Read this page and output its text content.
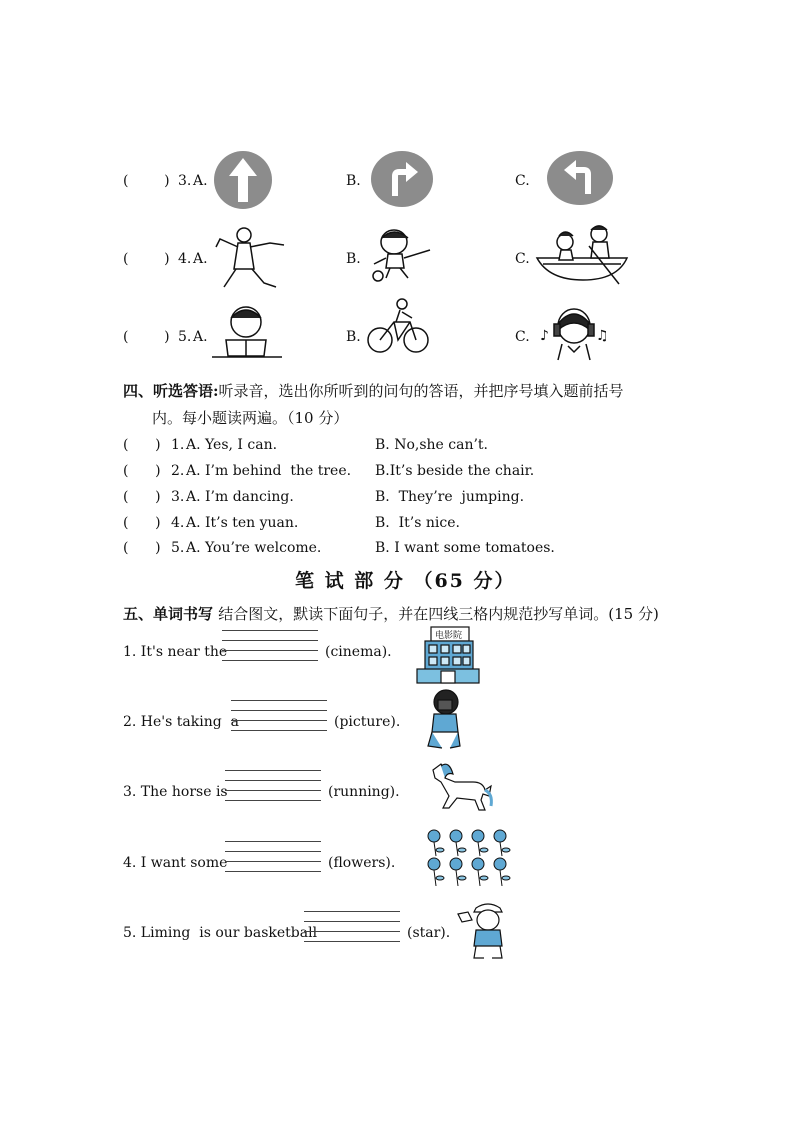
(        ) 3. A.	B.	C.
(        ) 4. A.	B.	C.
(        ) 5. A.	B.	C. ♪	♫
四、听选答语:听录音，选出你所听到的问句的答语，并把序号填入题前括号
内。每小题读两遍。（10 分）
(      ) 1. A. Yes, I can.	B. No,she can’t.
(      ) 2. A. I’m behind  the tree. B.It’s beside the chair.
(      ) 3. A. I’m dancing.	B.  They’re  jumping.
(      ) 4. A. It’s ten yuan.	B.  It’s nice.
(      ) 5. A. You’re welcome.	B. I want some tomatoes.
笔 试 部 分 （65 分）
五、单词书写 结合图文，默读下面句子，并在四线三格内规范抄写单词。(15 分)
1. It's near the	(cinema).
电影院
2. He's taking  a	(picture).
3. The horse is	(running).
4. I want some	(flowers).
5. Liming  is our basketball	(star).
